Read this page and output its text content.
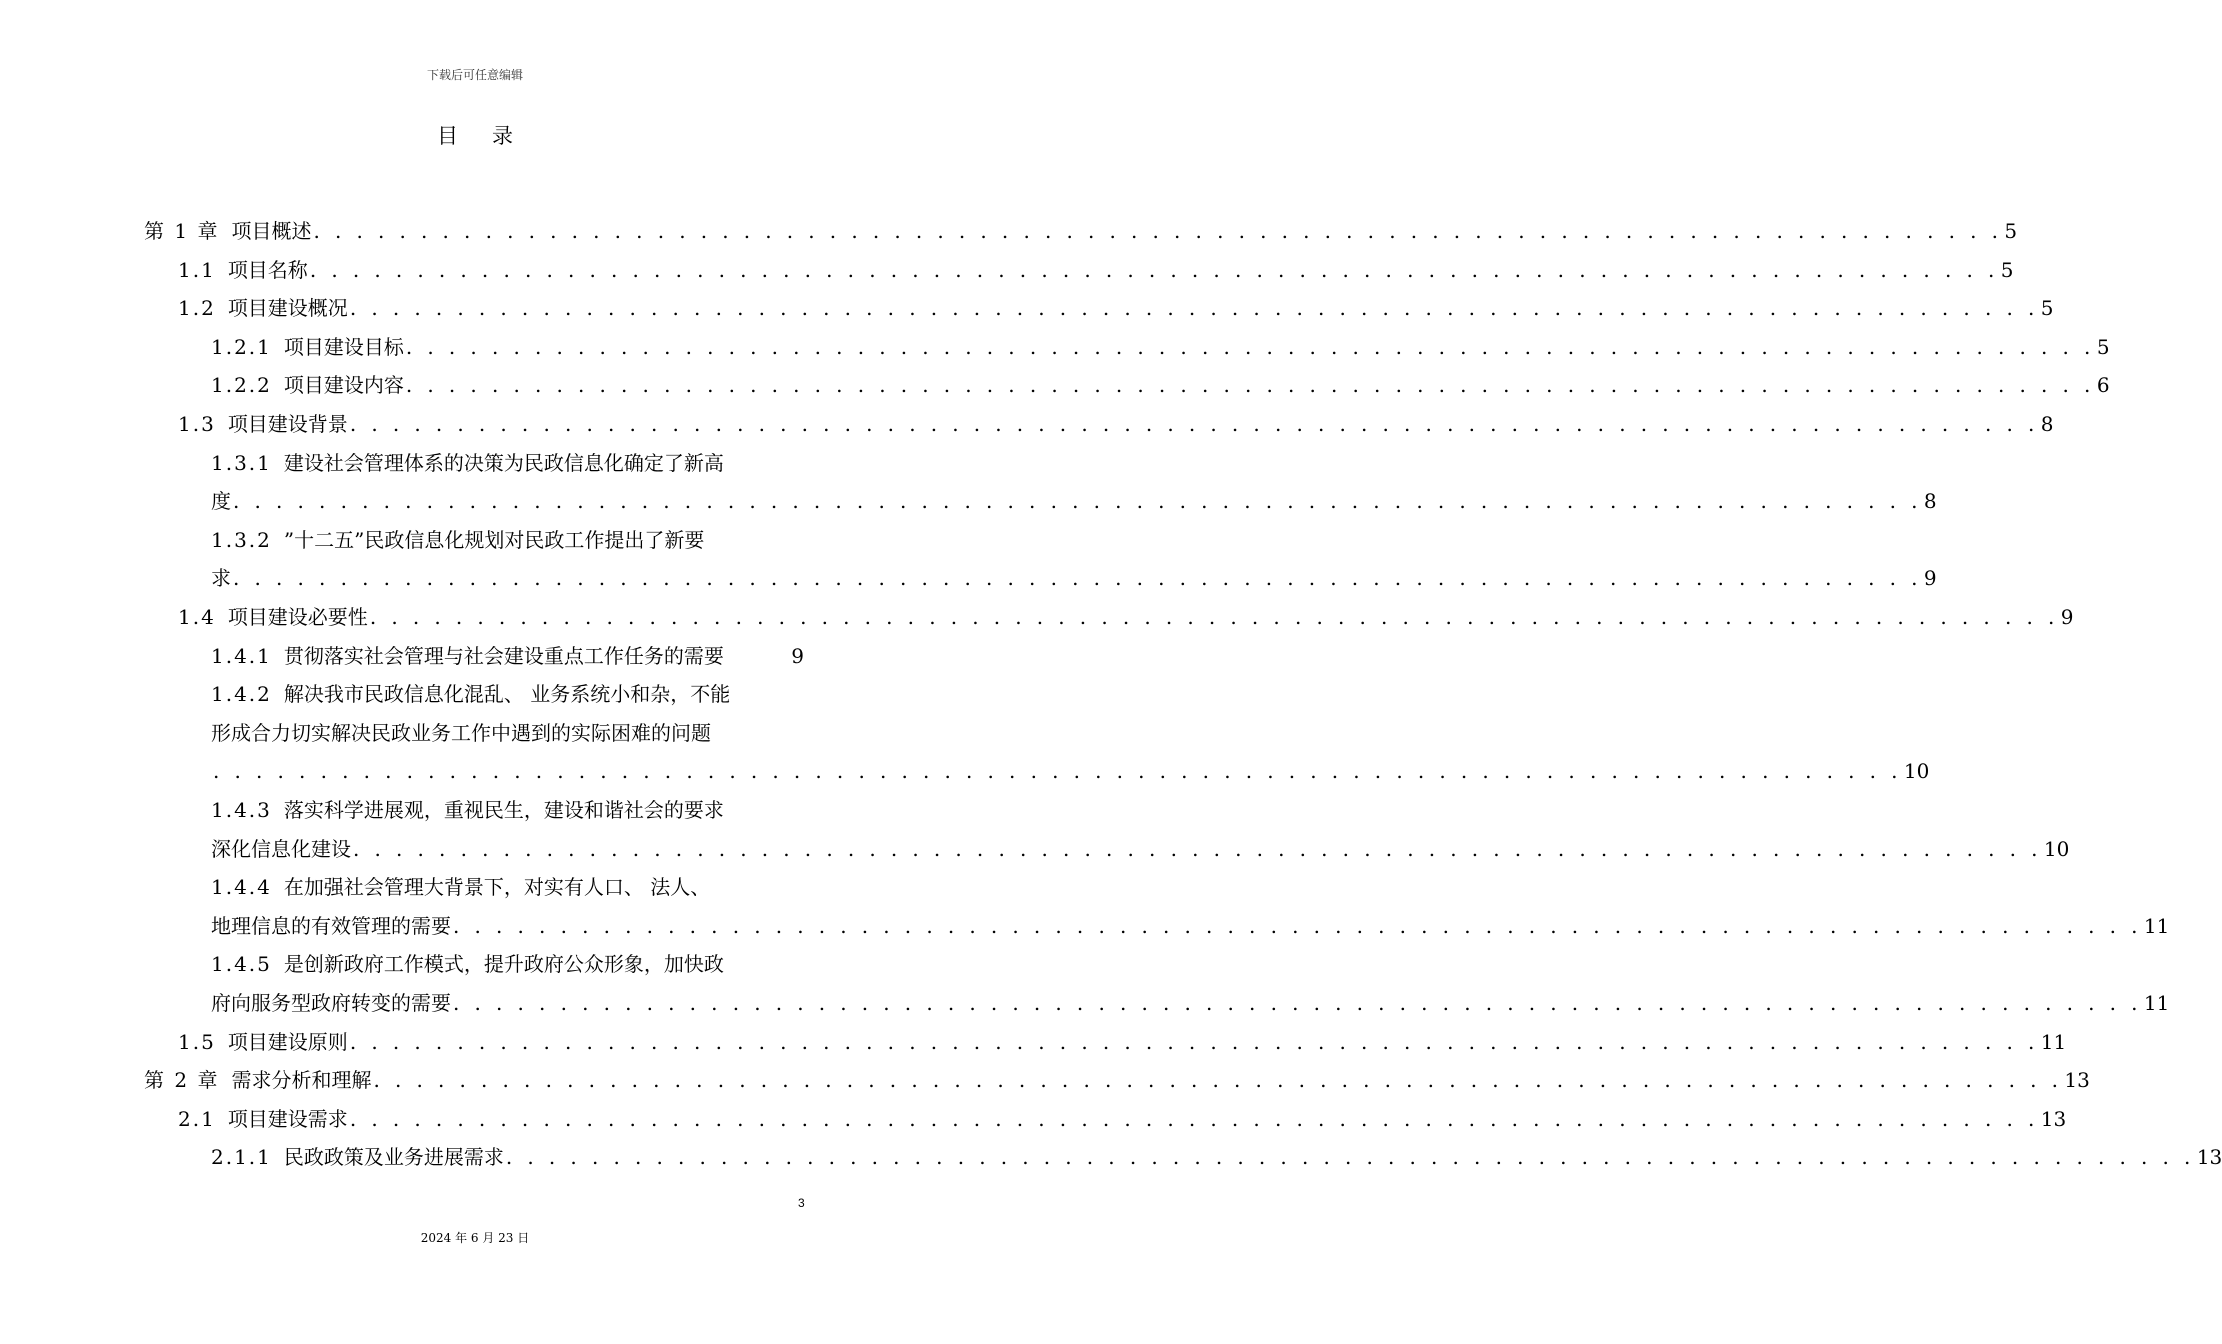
下载后可任意编辑
目录
第 1 章 项目概述 . . . . . . . . . . . . . . . . . . . . . . . . . . . . . . . . . . . . . . . . . . . . . . . . . . . . . . . . . . . . . . . . . . . . . . . . . . . . . . . 5
1.1 项目名称 . . . . . . . . . . . . . . . . . . . . . . . . . . . . . . . . . . . . . . . . . . . . . . . . . . . . . . . . . . . . . . . . . . . . . . . . . . . . . . . 5
1.2 项目建设概况 . . . . . . . . . . . . . . . . . . . . . . . . . . . . . . . . . . . . . . . . . . . . . . . . . . . . . . . . . . . . . . . . . . . . . . . . . . . . . . . 5
1.2.1 项目建设目标 . . . . . . . . . . . . . . . . . . . . . . . . . . . . . . . . . . . . . . . . . . . . . . . . . . . . . . . . . . . . . . . . . . . . . . . . . . . . . . . 5
1.2.2 项目建设内容 . . . . . . . . . . . . . . . . . . . . . . . . . . . . . . . . . . . . . . . . . . . . . . . . . . . . . . . . . . . . . . . . . . . . . . . . . . . . . . . 6
1.3 项目建设背景 . . . . . . . . . . . . . . . . . . . . . . . . . . . . . . . . . . . . . . . . . . . . . . . . . . . . . . . . . . . . . . . . . . . . . . . . . . . . . . . 8
1.3.1 建设社会管理体系的决策为民政信息化确定了新高
度 . . . . . . . . . . . . . . . . . . . . . . . . . . . . . . . . . . . . . . . . . . . . . . . . . . . . . . . . . . . . . . . . . . . . . . . . . . . . . . . 8
1.3.2 ”十二五”民政信息化规划对民政工作提出了新要
求 . . . . . . . . . . . . . . . . . . . . . . . . . . . . . . . . . . . . . . . . . . . . . . . . . . . . . . . . . . . . . . . . . . . . . . . . . . . . . . . 9
1.4 项目建设必要性 . . . . . . . . . . . . . . . . . . . . . . . . . . . . . . . . . . . . . . . . . . . . . . . . . . . . . . . . . . . . . . . . . . . . . . . . . . . . . . . 9
1.4.1 贯彻落实社会管理与社会建设重点工作任务的需要	9
1.4.2 解决我市民政信息化混乱、 业务系统小和杂，不能
形成合力切实解决民政业务工作中遇到的实际困难的问题
. . . . . . . . . . . . . . . . . . . . . . . . . . . . . . . . . . . . . . . . . . . . . . . . . . . . . . . . . . . . . . . . . . . . . . . . . . . . . . . 10
1.4.3 落实科学进展观，重视民生，建设和谐社会的要求
深化信息化建设 . . . . . . . . . . . . . . . . . . . . . . . . . . . . . . . . . . . . . . . . . . . . . . . . . . . . . . . . . . . . . . . . . . . . . . . . . . . . . . . 10
1.4.4 在加强社会管理大背景下，对实有人口、 法人、
地理信息的有效管理的需要 . . . . . . . . . . . . . . . . . . . . . . . . . . . . . . . . . . . . . . . . . . . . . . . . . . . . . . . . . . . . . . . . . . . . . . . . . . . . . . . 11
1.4.5 是创新政府工作模式，提升政府公众形象，加快政
府向服务型政府转变的需要 . . . . . . . . . . . . . . . . . . . . . . . . . . . . . . . . . . . . . . . . . . . . . . . . . . . . . . . . . . . . . . . . . . . . . . . . . . . . . . . 11
1.5 项目建设原则 . . . . . . . . . . . . . . . . . . . . . . . . . . . . . . . . . . . . . . . . . . . . . . . . . . . . . . . . . . . . . . . . . . . . . . . . . . . . . . . 11
第 2 章 需求分析和理解 . . . . . . . . . . . . . . . . . . . . . . . . . . . . . . . . . . . . . . . . . . . . . . . . . . . . . . . . . . . . . . . . . . . . . . . . . . . . . . . 13
2.1 项目建设需求 . . . . . . . . . . . . . . . . . . . . . . . . . . . . . . . . . . . . . . . . . . . . . . . . . . . . . . . . . . . . . . . . . . . . . . . . . . . . . . . 13
2.1.1 民政政策及业务进展需求 . . . . . . . . . . . . . . . . . . . . . . . . . . . . . . . . . . . . . . . . . . . . . . . . . . . . . . . . . . . . . . . . . . . . . . . . . . . . . . . 13
3
2024 年 6 月 23 日
